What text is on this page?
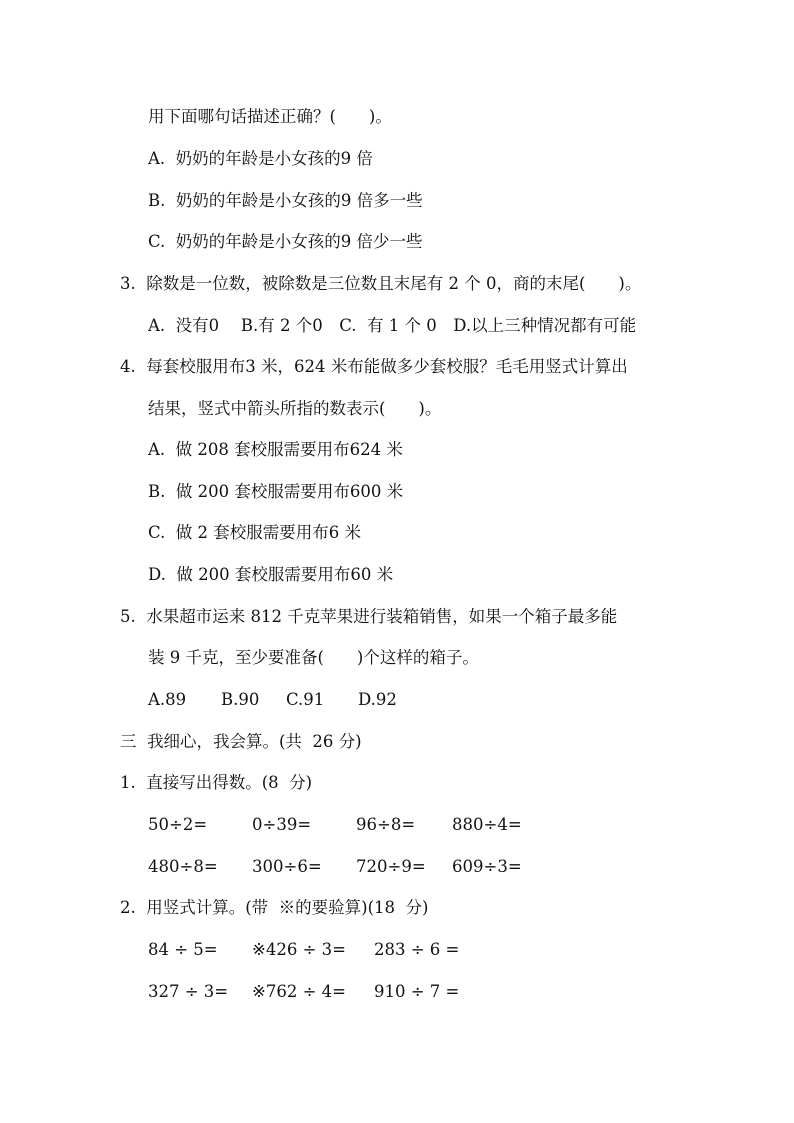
用下面哪句话描述正确？(　　)。
A.  奶奶的年龄是小女孩的9 倍
B.  奶奶的年龄是小女孩的9 倍多一些
C.  奶奶的年龄是小女孩的9 倍少一些
3.  除数是一位数，被除数是三位数且末尾有 2 个 0，商的末尾(　　)。
A.  没有0　 B.有 2 个0　C.  有 1 个 0　D.以上三种情况都有可能
4.  每套校服用布3 米，624 米布能做多少套校服？毛毛用竖式计算出
结果，竖式中箭头所指的数表示(　　)。
A.  做 208 套校服需要用布624 米
B.  做 200 套校服需要用布600 米
C.  做 2 套校服需要用布6 米
D.  做 200 套校服需要用布60 米
5.  水果超市运来 812 千克苹果进行装箱销售，如果一个箱子最多能
装 9 千克，至少要准备(　　)个这样的箱子。

A.89

B.90

C.91

D.92

三  我细心，我会算。(共  26 分)
1.  直接写出得数。(8  分)

50÷2=

	0÷39=

	96÷8=

880÷4=

480÷8=

300÷6=

720÷9=

609÷3=

2.  用竖式计算。(带  ※的要验算)(18  分)

84 ÷ 5=

※426 ÷ 3=

283 ÷ 6 =

327 ÷ 3=

※762 ÷ 4=

910 ÷ 7 =
